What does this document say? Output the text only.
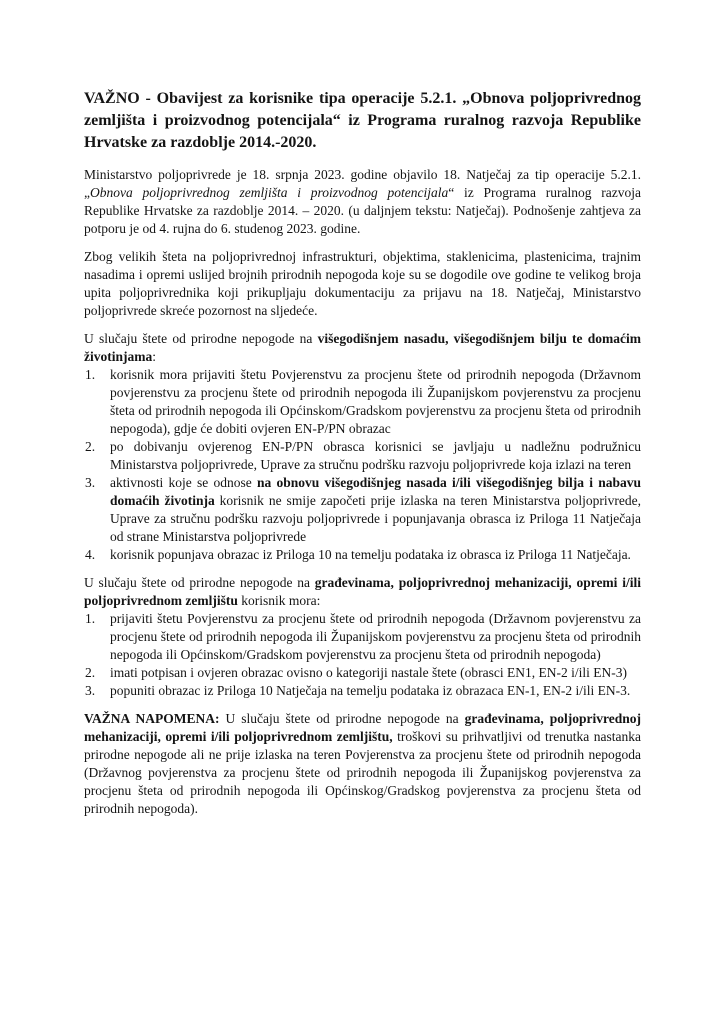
VAŽNO - Obavijest za korisnike tipa operacije 5.2.1. „Obnova poljoprivrednog zemljišta i proizvodnog potencijala“ iz Programa ruralnog razvoja Republike Hrvatske za razdoblje 2014.-2020.

Ministarstvo poljoprivrede je 18. srpnja 2023. godine objavilo 18. Natječaj za tip operacije 5.2.1. „Obnova poljoprivrednog zemljišta i proizvodnog potencijala“ iz Programa ruralnog razvoja Republike Hrvatske za razdoblje 2014. – 2020. (u daljnjem tekstu: Natječaj). Podnošenje zahtjeva za potporu je od 4. rujna do 6. studenog 2023. godine.

Zbog velikih šteta na poljoprivrednoj infrastrukturi, objektima, staklenicima, plastenicima, trajnim nasadima i opremi uslijed brojnih prirodnih nepogoda koje su se dogodile ove godine te velikog broja upita poljoprivrednika koji prikupljaju dokumentaciju za prijavu na 18. Natječaj, Ministarstvo poljoprivrede skreće pozornost na sljedeće.

U slučaju štete od prirodne nepogode na višegodišnjem nasadu, višegodišnjem bilju te domaćim životinjama:

korisnik mora prijaviti štetu Povjerenstvu za procjenu štete od prirodnih nepogoda (Državnom povjerenstvu za procjenu štete od prirodnih nepogoda ili Županijskom povjerenstvu za procjenu šteta od prirodnih nepogoda ili Općinskom/Gradskom povjerenstvu za procjenu šteta od prirodnih nepogoda), gdje će dobiti ovjeren EN-P/PN obrazac
po dobivanju ovjerenog EN-P/PN obrasca korisnici se javljaju u nadležnu podružnicu Ministarstva poljoprivrede, Uprave za stručnu podršku razvoju poljoprivrede koja izlazi na teren
aktivnosti koje se odnose na obnovu višegodišnjeg nasada i/ili višegodišnjeg bilja i nabavu domaćih životinja korisnik ne smije započeti prije izlaska na teren Ministarstva poljoprivrede, Uprave za stručnu podršku razvoju poljoprivrede i popunjavanja obrasca iz Priloga 11 Natječaja od strane Ministarstva poljoprivrede
korisnik popunjava obrazac iz Priloga 10 na temelju podataka iz obrasca iz Priloga 11 Natječaja.

U slučaju štete od prirodne nepogode na građevinama, poljoprivrednoj mehanizaciji, opremi i/ili poljoprivrednom zemljištu korisnik mora:

prijaviti štetu Povjerenstvu za procjenu štete od prirodnih nepogoda (Državnom povjerenstvu za procjenu štete od prirodnih nepogoda ili Županijskom povjerenstvu za procjenu šteta od prirodnih nepogoda ili Općinskom/Gradskom povjerenstvu za procjenu šteta od prirodnih nepogoda)
imati potpisan i ovjeren obrazac ovisno o kategoriji nastale štete (obrasci EN1, EN-2 i/ili EN-3)
popuniti obrazac iz Priloga 10 Natječaja na temelju podataka iz obrazaca EN-1, EN-2 i/ili EN-3.

VAŽNA NAPOMENA: U slučaju štete od prirodne nepogode na građevinama, poljoprivrednoj mehanizaciji, opremi i/ili poljoprivrednom zemljištu, troškovi su prihvatljivi od trenutka nastanka prirodne nepogode ali ne prije izlaska na teren Povjerenstva za procjenu štete od prirodnih nepogoda (Državnog povjerenstva za procjenu štete od prirodnih nepogoda ili Županijskog povjerenstva za procjenu šteta od prirodnih nepogoda ili Općinskog/Gradskog povjerenstva za procjenu šteta od prirodnih nepogoda).
